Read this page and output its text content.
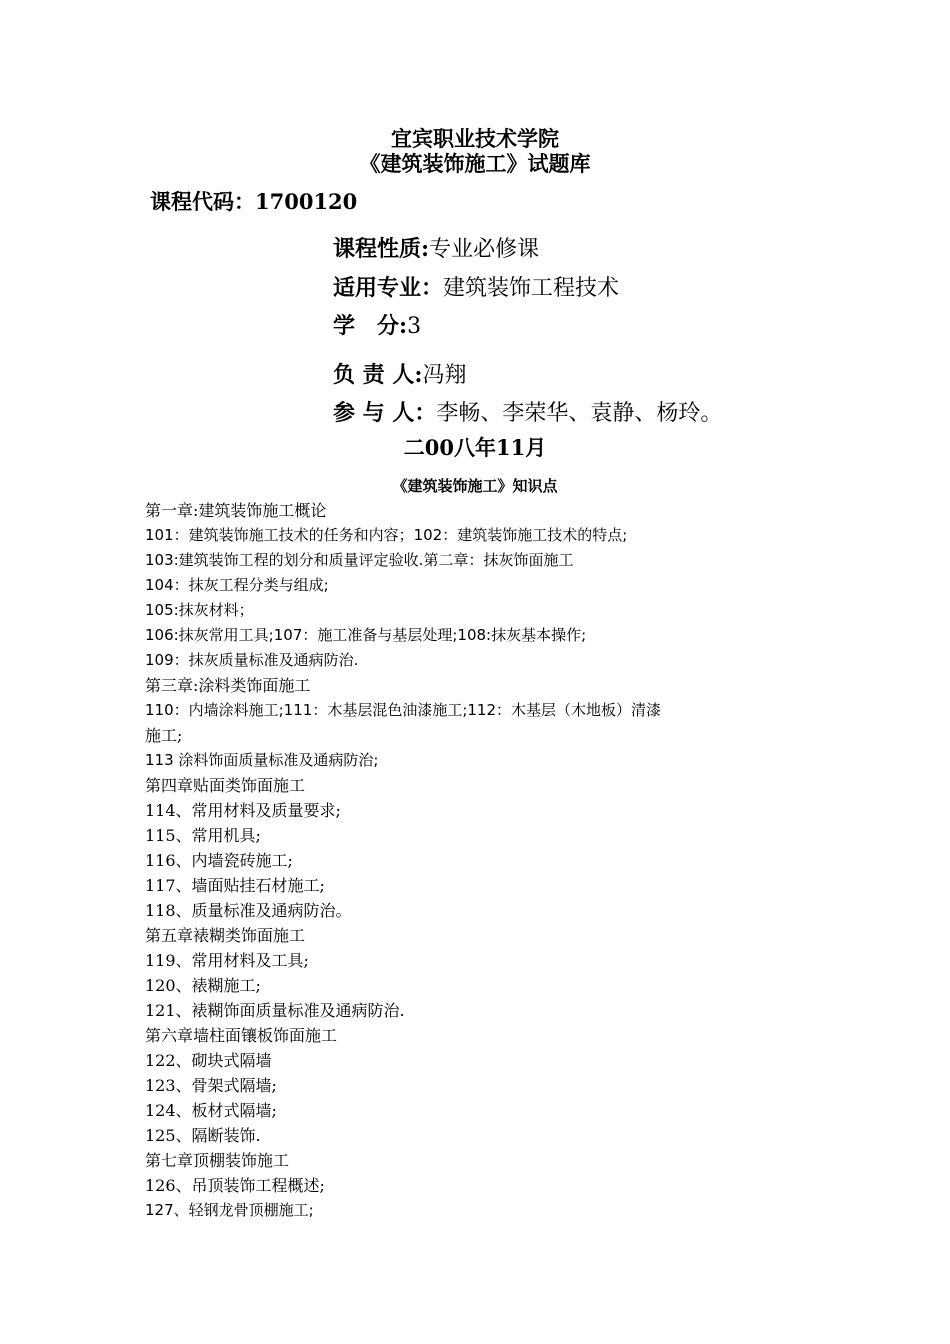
宜宾职业技术学院
《建筑装饰施工》试题库
课程代码：1700120
课程性质:专业必修课
适用专业：建筑装饰工程技术
学　分:3
负 责 人:冯翔
参 与 人：李畅、李荣华、袁静、杨玲。
二00八年11月
《建筑装饰施工》知识点
第一章:建筑装饰施工概论
101：建筑装饰施工技术的任务和内容；102：建筑装饰施工技术的特点;
103:建筑装饰工程的划分和质量评定验收.第二章：抹灰饰面施工
104：抹灰工程分类与组成;
105:抹灰材料；
106:抹灰常用工具;107：施工准备与基层处理;108:抹灰基本操作;
109：抹灰质量标准及通病防治.
第三章:涂料类饰面施工
110：内墙涂料施工;111：木基层混色油漆施工;112：木基层（木地板）清漆
施工;
113 涂料饰面质量标准及通病防治;
第四章贴面类饰面施工
114、常用材料及质量要求;
115、常用机具;
116、内墙瓷砖施工;
117、墙面贴挂石材施工;
118、质量标准及通病防治。
第五章裱糊类饰面施工
119、常用材料及工具;
120、裱糊施工;
121、裱糊饰面质量标准及通病防治.
第六章墙柱面镶板饰面施工
122、砌块式隔墙
123、骨架式隔墙;
124、板材式隔墙;
125、隔断装饰.
第七章顶棚装饰施工
126、吊顶装饰工程概述;
127、轻钢龙骨顶棚施工;
